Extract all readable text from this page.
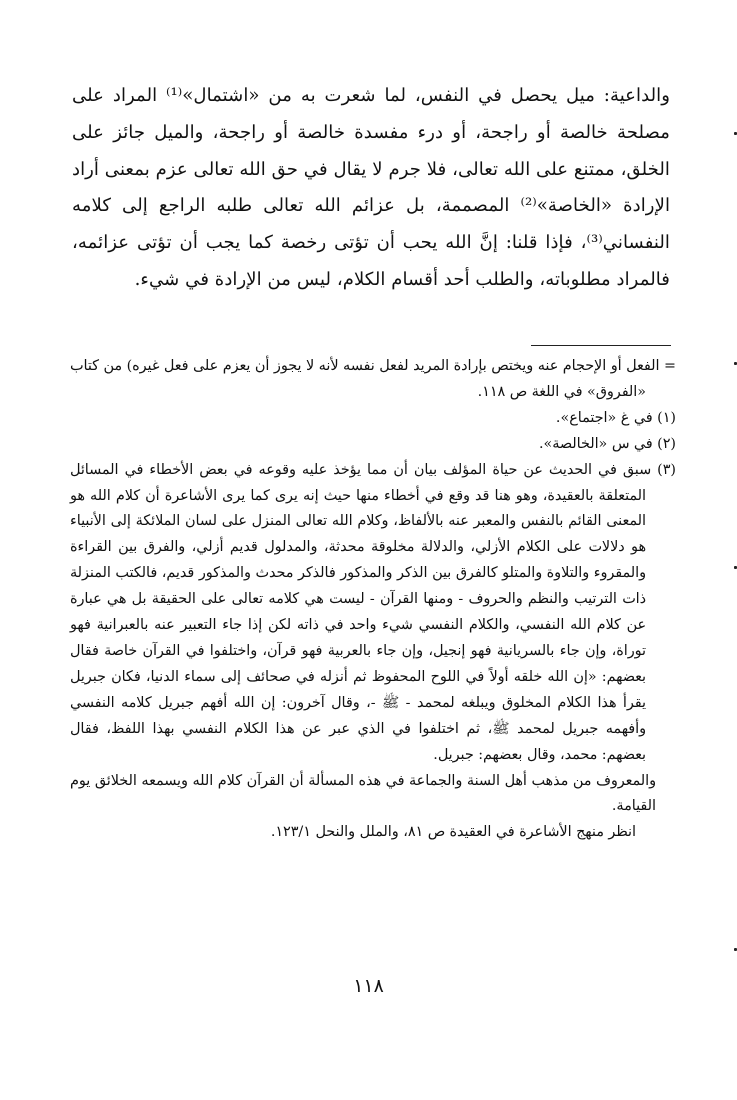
والداعية: ميل يحصل في النفس، لما شعرت به من «اشتمال»⁽¹⁾ المراد على مصلحة خالصة أو راجحة، أو درء مفسدة خالصة أو راجحة، والميل جائز على الخلق، ممتنع على الله تعالى، فلا جرم لا يقال في حق الله تعالى عزم بمعنى أراد الإرادة «الخاصة»⁽²⁾ المصممة، بل عزائم الله تعالى طلبه الراجع إلى كلامه النفساني⁽³⁾، فإذا قلنا: إنَّ الله يحب أن تؤتى رخصة كما يجب أن تؤتى عزائمه، فالمراد مطلوباته، والطلب أحد أقسام الكلام، ليس من الإرادة في شيء.

= الفعل أو الإحجام عنه ويختص بإرادة المريد لفعل نفسه لأنه لا يجوز أن يعزم على فعل غيره) من كتاب «الفروق» في اللغة ص ١١٨.

(١) في غ «اجتماع».

(٢) في س «الخالصة».

(٣) سبق في الحديث عن حياة المؤلف بيان أن مما يؤخذ عليه وقوعه في بعض الأخطاء في المسائل المتعلقة بالعقيدة، وهو هنا قد وقع في أخطاء منها حيث إنه يرى كما يرى الأشاعرة أن كلام الله هو المعنى القائم بالنفس والمعبر عنه بالألفاظ، وكلام الله تعالى المنزل على لسان الملائكة إلى الأنبياء هو دلالات على الكلام الأزلي، والدلالة مخلوقة محدثة، والمدلول قديم أزلي، والفرق بين القراءة والمقروء والتلاوة والمتلو كالفرق بين الذكر والمذكور فالذكر محدث والمذكور قديم، فالكتب المنزلة ذات الترتيب والنظم والحروف - ومنها القرآن - ليست هي كلامه تعالى على الحقيقة بل هي عبارة عن كلام الله النفسي، والكلام النفسي شيء واحد في ذاته لكن إذا جاء التعبير عنه بالعبرانية فهو توراة، وإن جاء بالسريانية فهو إنجيل، وإن جاء بالعربية فهو قرآن، واختلفوا في القرآن خاصة فقال بعضهم: «إن الله خلقه أولاً في اللوح المحفوظ ثم أنزله في صحائف إلى سماء الدنيا، فكان جبريل يقرأ هذا الكلام المخلوق ويبلغه لمحمد - ﷺ -، وقال آخرون: إن الله أفهم جبريل كلامه النفسي وأفهمه جبريل لمحمد ﷺ، ثم اختلفوا في الذي عبر عن هذا الكلام النفسي بهذا اللفظ، فقال بعضهم: محمد، وقال بعضهم: جبريل.

والمعروف من مذهب أهل السنة والجماعة في هذه المسألة أن القرآن كلام الله ويسمعه الخلائق يوم القيامة.

انظر منهج الأشاعرة في العقيدة ص ٨١، والملل والنحل ١٢٣/١.

١١٨
